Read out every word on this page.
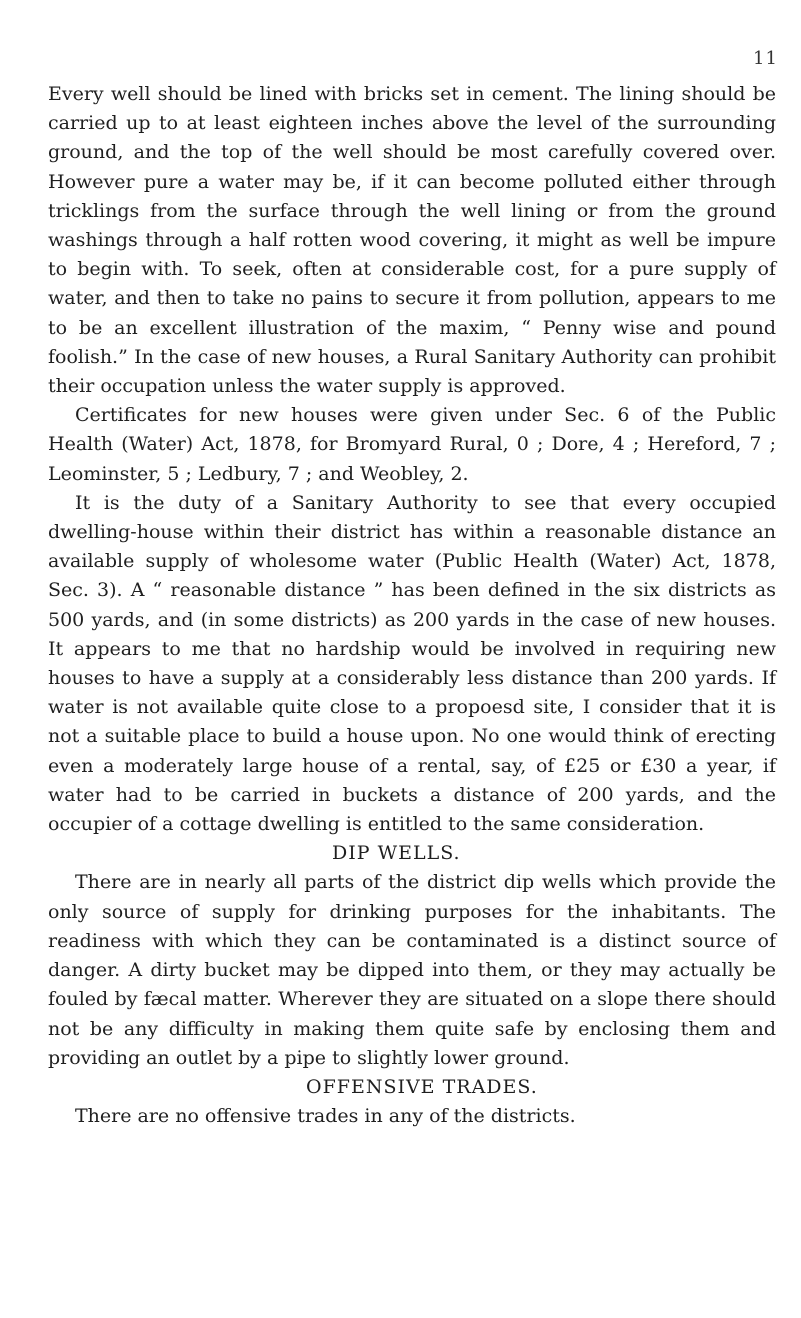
11

Every well should be lined with bricks set in cement. The lining should be carried up to at least eighteen inches above the level of the surrounding ground, and the top of the well should be most carefully covered over. However pure a water may be, if it can become polluted either through tricklings from the surface through the well lining or from the ground washings through a half rotten wood covering, it might as well be impure to begin with. To seek, often at considerable cost, for a pure supply of water, and then to take no pains to secure it from pollution, appears to me to be an excellent illustration of the maxim, “ Penny wise and pound foolish.” In the case of new houses, a Rural Sanitary Authority can prohibit their occupation unless the water supply is approved.

Certificates for new houses were given under Sec. 6 of the Public Health (Water) Act, 1878, for Bromyard Rural, 0 ; Dore, 4 ; Hereford, 7 ; Leominster, 5 ; Ledbury, 7 ; and Weobley, 2.

It is the duty of a Sanitary Authority to see that every occupied dwelling-house within their district has within a reasonable distance an available supply of wholesome water (Public Health (Water) Act, 1878, Sec. 3). A “ reasonable distance ” has been defined in the six districts as 500 yards, and (in some districts) as 200 yards in the case of new houses. It appears to me that no hardship would be involved in requiring new houses to have a supply at a considerably less distance than 200 yards. If water is not available quite close to a propoesd site, I consider that it is not a suitable place to build a house upon. No one would think of erecting even a moderately large house of a rental, say, of £25 or £30 a year, if water had to be carried in buckets a distance of 200 yards, and the occupier of a cottage dwelling is entitled to the same consideration.

DIP WELLS.

There are in nearly all parts of the district dip wells which provide the only source of supply for drinking purposes for the inhabitants. The readiness with which they can be contaminated is a distinct source of danger. A dirty bucket may be dipped into them, or they may actually be fouled by fæcal matter. Wherever they are situated on a slope there should not be any difficulty in making them quite safe by enclosing them and providing an outlet by a pipe to slightly lower ground.

OFFENSIVE TRADES.

There are no offensive trades in any of the districts.
